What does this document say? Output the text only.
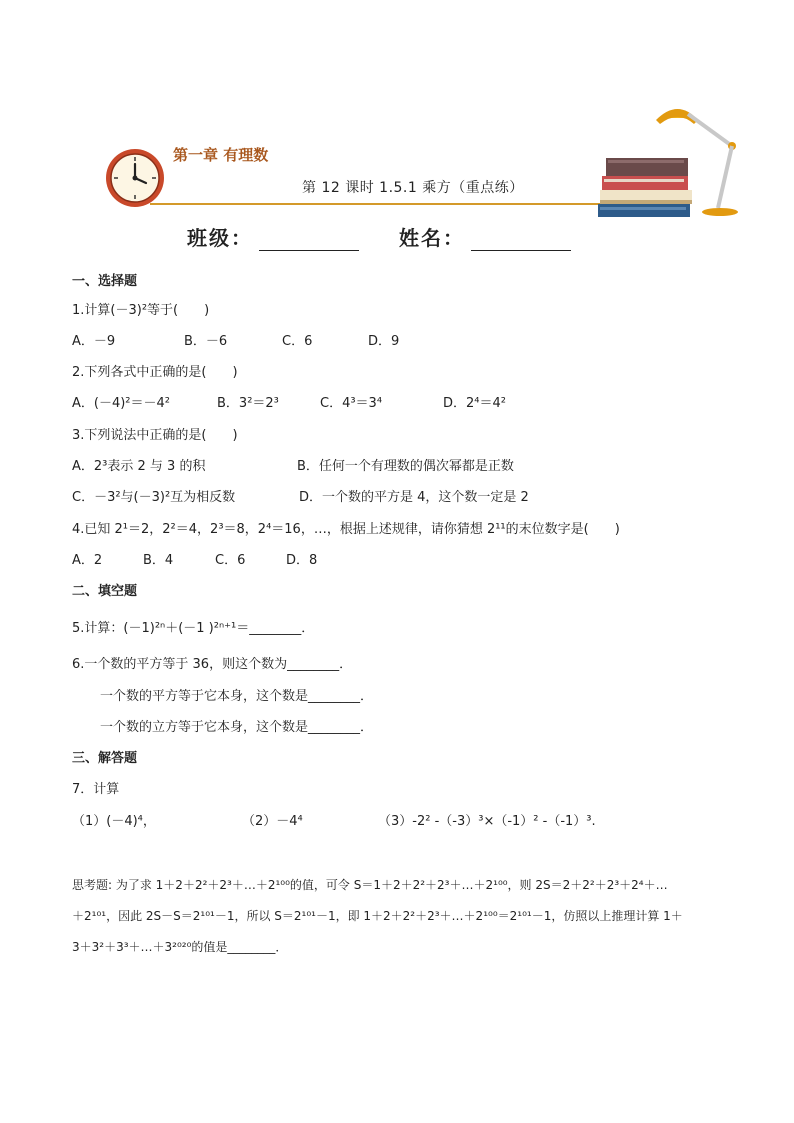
第一章 有理数
第 12 课时 1.5.1 乘方（重点练）
班级：	姓名：
一、选择题
1.计算(－3)²等于(　　)
A．－9	B．－6	C．6	D．9
2.下列各式中正确的是(　　)
A．(－4)²＝－4²	B．3²＝2³	C．4³＝3⁴	D．2⁴＝4²
3.下列说法中正确的是(　　)
A．2³表示 2 与 3 的积	B．任何一个有理数的偶次幂都是正数
C．－3²与(－3)²互为相反数	D．一个数的平方是 4，这个数一定是 2
4.已知 2¹＝2，2²＝4，2³＝8，2⁴＝16，…，根据上述规律，请你猜想 2¹¹的末位数字是(　　)
A．2	B．4	C．6	D．8
二、填空题
5.计算：(－1)²ⁿ＋(－1 )²ⁿ⁺¹＝________．
6.一个数的平方等于 36，则这个数为________．
一个数的平方等于它本身，这个数是________．
一个数的立方等于它本身，这个数是________．
三、解答题
7．计算
（1）(－4)⁴，	（2）－4⁴	（3）-2² -（-3）³×（-1）² -（-1）³.
思考题: 为了求 1＋2＋2²＋2³＋…＋2¹⁰⁰的值，可令 S＝1＋2＋2²＋2³＋…＋2¹⁰⁰，则 2S＝2＋2²＋2³＋2⁴＋…
＋2¹⁰¹，因此 2S－S＝2¹⁰¹－1，所以 S＝2¹⁰¹－1，即 1＋2＋2²＋2³＋…＋2¹⁰⁰＝2¹⁰¹－1，仿照以上推理计算 1＋
3＋3²＋3³＋…＋3²⁰²⁰的值是________．
